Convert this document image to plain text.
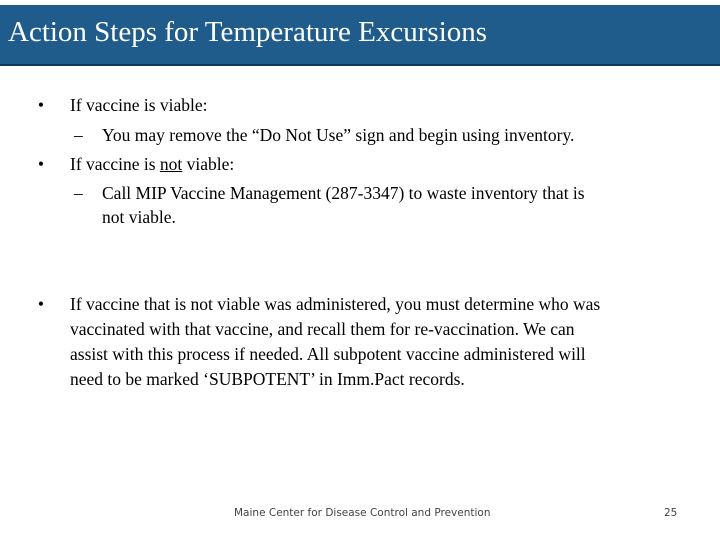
Action Steps for Temperature Excursions
• If vaccine is viable:
– You may remove the “Do Not Use” sign and begin using inventory.
• If vaccine is not viable:
– Call MIP Vaccine Management (287-3347) to waste inventory that is
not viable.
• If vaccine that is not viable was administered, you must determine who was
vaccinated with that vaccine, and recall them for re-vaccination. We can
assist with this process if needed. All subpotent vaccine administered will
need to be marked ‘SUBPOTENT’ in Imm.Pact records.
Maine Center for Disease Control and Prevention	25
